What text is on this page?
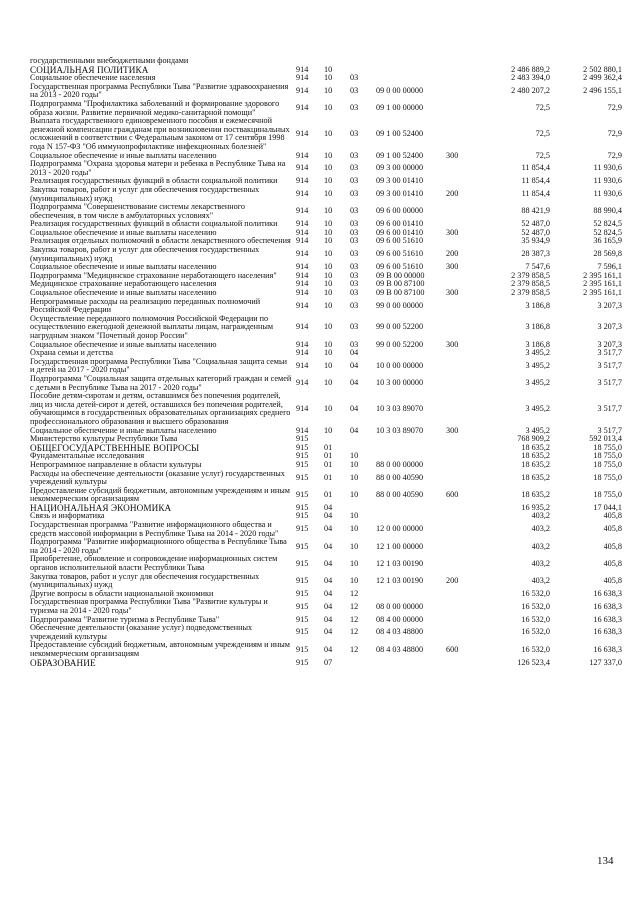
государственными внебюджетными фондами							
СОЦИАЛЬНАЯ ПОЛИТИКА	914	10				2 486 889,2	2 502 880,1
Социальное обеспечение населения	914	10	03			2 483 394,0	2 499 362,4
Государственная программа Республики Тыва "Развитие здравоохранения на 2013 - 2020 годы"	914	10	03	09 0 00 00000		2 480 207,2	2 496 155,1
Подпрограмма "Профилактика заболеваний и формирование здорового образа жизни. Развитие первичной медико-санитарной помощи"	914	10	03	09 1 00 00000		72,5	72,9
Выплата государственного единовременного пособия и ежемесячной денежной компенсации гражданам при возникновении поствакцинальных осложнений в соответствии с Федеральным законом от 17 сентября 1998 года N 157-ФЗ "Об иммунопрофилактике инфекционных болезней"	914	10	03	09 1 00 52400		72,5	72,9
Социальное обеспечение и иные выплаты населению	914	10	03	09 1 00 52400	300	72,5	72,9
Подпрограмма "Охрана здоровья матери и ребенка в Республике Тыва на 2013 - 2020 годы"	914	10	03	09 3 00 00000		11 854,4	11 930,6
Реализация государственных функций в области социальной политики	914	10	03	09 3 00 01410		11 854,4	11 930,6
Закупка товаров, работ и услуг для обеспечения государственных (муниципальных) нужд	914	10	03	09 3 00 01410	200	11 854,4	11 930,6
Подпрограмма "Совершенствование системы лекарственного обеспечения, в том числе в амбулаторных условиях"	914	10	03	09 6 00 00000		88 421,9	88 990,4
Реализация государственных функций в области социальной политики	914	10	03	09 6 00 01410		52 487,0	52 824,5
Социальное обеспечение и иные выплаты населению	914	10	03	09 6 00 01410	300	52 487,0	52 824,5
Реализация отдельных полномочий в области лекарственного обеспечения	914	10	03	09 6 00 51610		35 934,9	36 165,9
Закупка товаров, работ и услуг для обеспечения государственных (муниципальных) нужд	914	10	03	09 6 00 51610	200	28 387,3	28 569,8
Социальное обеспечение и иные выплаты населению	914	10	03	09 6 00 51610	300	7 547,6	7 596,1
Подпрограмма "Медицинское страхование неработающего населения"	914	10	03	09 В 00 00000		2 379 858,5	2 395 161,1
Медицинское страхование неработающего населения	914	10	03	09 В 00 87100		2 379 858,5	2 395 161,1
Социальное обеспечение и иные выплаты населению	914	10	03	09 В 00 87100	300	2 379 858,5	2 395 161,1
Непрограммные расходы на реализацию переданных полномочий Российской Федерации	914	10	03	99 0 00 00000		3 186,8	3 207,3
Осуществление переданного полномочия Российской Федерации по осуществлению ежегодной денежной выплаты лицам, награжденным нагрудным знаком "Почетный донор России"	914	10	03	99 0 00 52200		3 186,8	3 207,3
Социальное обеспечение и иные выплаты населению	914	10	03	99 0 00 52200	300	3 186,8	3 207,3
Охрана семьи и детства	914	10	04			3 495,2	3 517,7
Государственная программа Республики Тыва "Социальная защита семьи и детей на 2017 - 2020 годы"	914	10	04	10 0 00 00000		3 495,2	3 517,7
Подпрограмма "Социальная защита отдельных категорий граждан и семей с детьми в Республике Тыва на 2017 - 2020 годы"	914	10	04	10 3 00 00000		3 495,2	3 517,7
Пособие детям-сиротам и детям, оставшимся без попечения родителей, лиц из числа детей-сирот и детей, оставшихся без попечения родителей, обучающимся в государственных образовательных организациях среднего профессионального образования и высшего образования	914	10	04	10 3 03 89070		3 495,2	3 517,7
Социальное обеспечение и иные выплаты населению	914	10	04	10 3 03 89070	300	3 495,2	3 517,7
Министерство культуры Республики Тыва	915					768 909,2	592 013,4
ОБЩЕГОСУДАРСТВЕННЫЕ ВОПРОСЫ	915	01				18 635,2	18 755,0
Фундаментальные исследования	915	01	10			18 635,2	18 755,0
Непрограммное направление в области культуры	915	01	10	88 0 00 00000		18 635,2	18 755,0
Расходы на обеспечение деятельности (оказание услуг) государственных учреждений культуры	915	01	10	88 0 00 40590		18 635,2	18 755,0
Предоставление субсидий бюджетным, автономным учреждениям и иным некоммерческим организациям	915	01	10	88 0 00 40590	600	18 635,2	18 755,0
НАЦИОНАЛЬНАЯ ЭКОНОМИКА	915	04				16 935,2	17 044,1
Связь и информатика	915	04	10			403,2	405,8
Государственная программа "Развитие информационного общества и средств массовой информации в Республике Тыва на 2014 - 2020 годы"	915	04	10	12 0 00 00000		403,2	405,8
Подпрограмма "Развитие информационного общества в Республике Тыва на 2014 - 2020 годы"	915	04	10	12 1 00 00000		403,2	405,8
Приобретение, обновление и сопровождение информационных систем органов исполнительной власти Республики Тыва	915	04	10	12 1 03 00190		403,2	405,8
Закупка товаров, работ и услуг для обеспечения государственных (муниципальных) нужд	915	04	10	12 1 03 00190	200	403,2	405,8
Другие вопросы в области национальной экономики	915	04	12			16 532,0	16 638,3
Государственная программа Республики Тыва "Развитие культуры и туризма на 2014 - 2020 годы"	915	04	12	08 0 00 00000		16 532,0	16 638,3
Подпрограмма "Развитие туризма в Республике Тыва"	915	04	12	08 4 00 00000		16 532,0	16 638,3
Обеспечение деятельности (оказание услуг) подведомственных учреждений культуры	915	04	12	08 4 03 48800		16 532,0	16 638,3
Предоставление субсидий бюджетным, автономным учреждениям и иным некоммерческим организациям	915	04	12	08 4 03 48800	600	16 532,0	16 638,3
ОБРАЗОВАНИЕ	915	07				126 523,4	127 337,0
134
